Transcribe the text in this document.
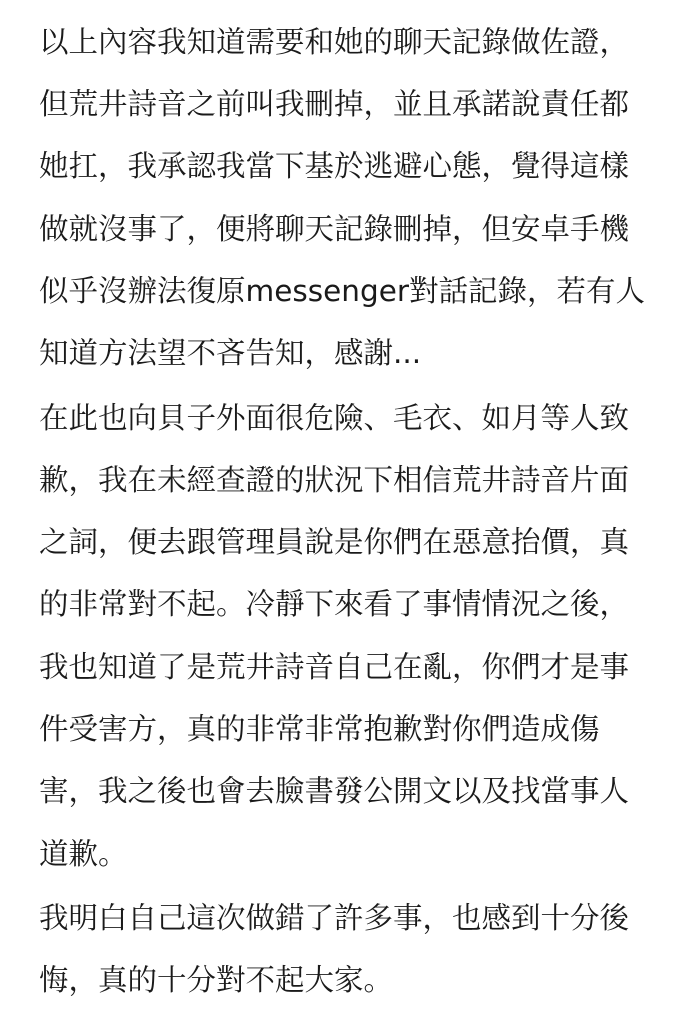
以上內容我知道需要和她的聊天記錄做佐證，
但荒井詩音之前叫我刪掉，並且承諾說責任都
她扛，我承認我當下基於逃避心態，覺得這樣
做就沒事了，便將聊天記錄刪掉，但安卓手機
似乎沒辦法復原messenger對話記錄，若有人
知道方法望不吝告知，感謝...
在此也向貝子外面很危險、毛衣、如月等人致
歉，我在未經查證的狀況下相信荒井詩音片面
之詞，便去跟管理員說是你們在惡意抬價，真
的非常對不起。冷靜下來看了事情情況之後，
我也知道了是荒井詩音自己在亂，你們才是事
件受害方，真的非常非常抱歉對你們造成傷
害，我之後也會去臉書發公開文以及找當事人
道歉。
我明白自己這次做錯了許多事，也感到十分後
悔，真的十分對不起大家。
